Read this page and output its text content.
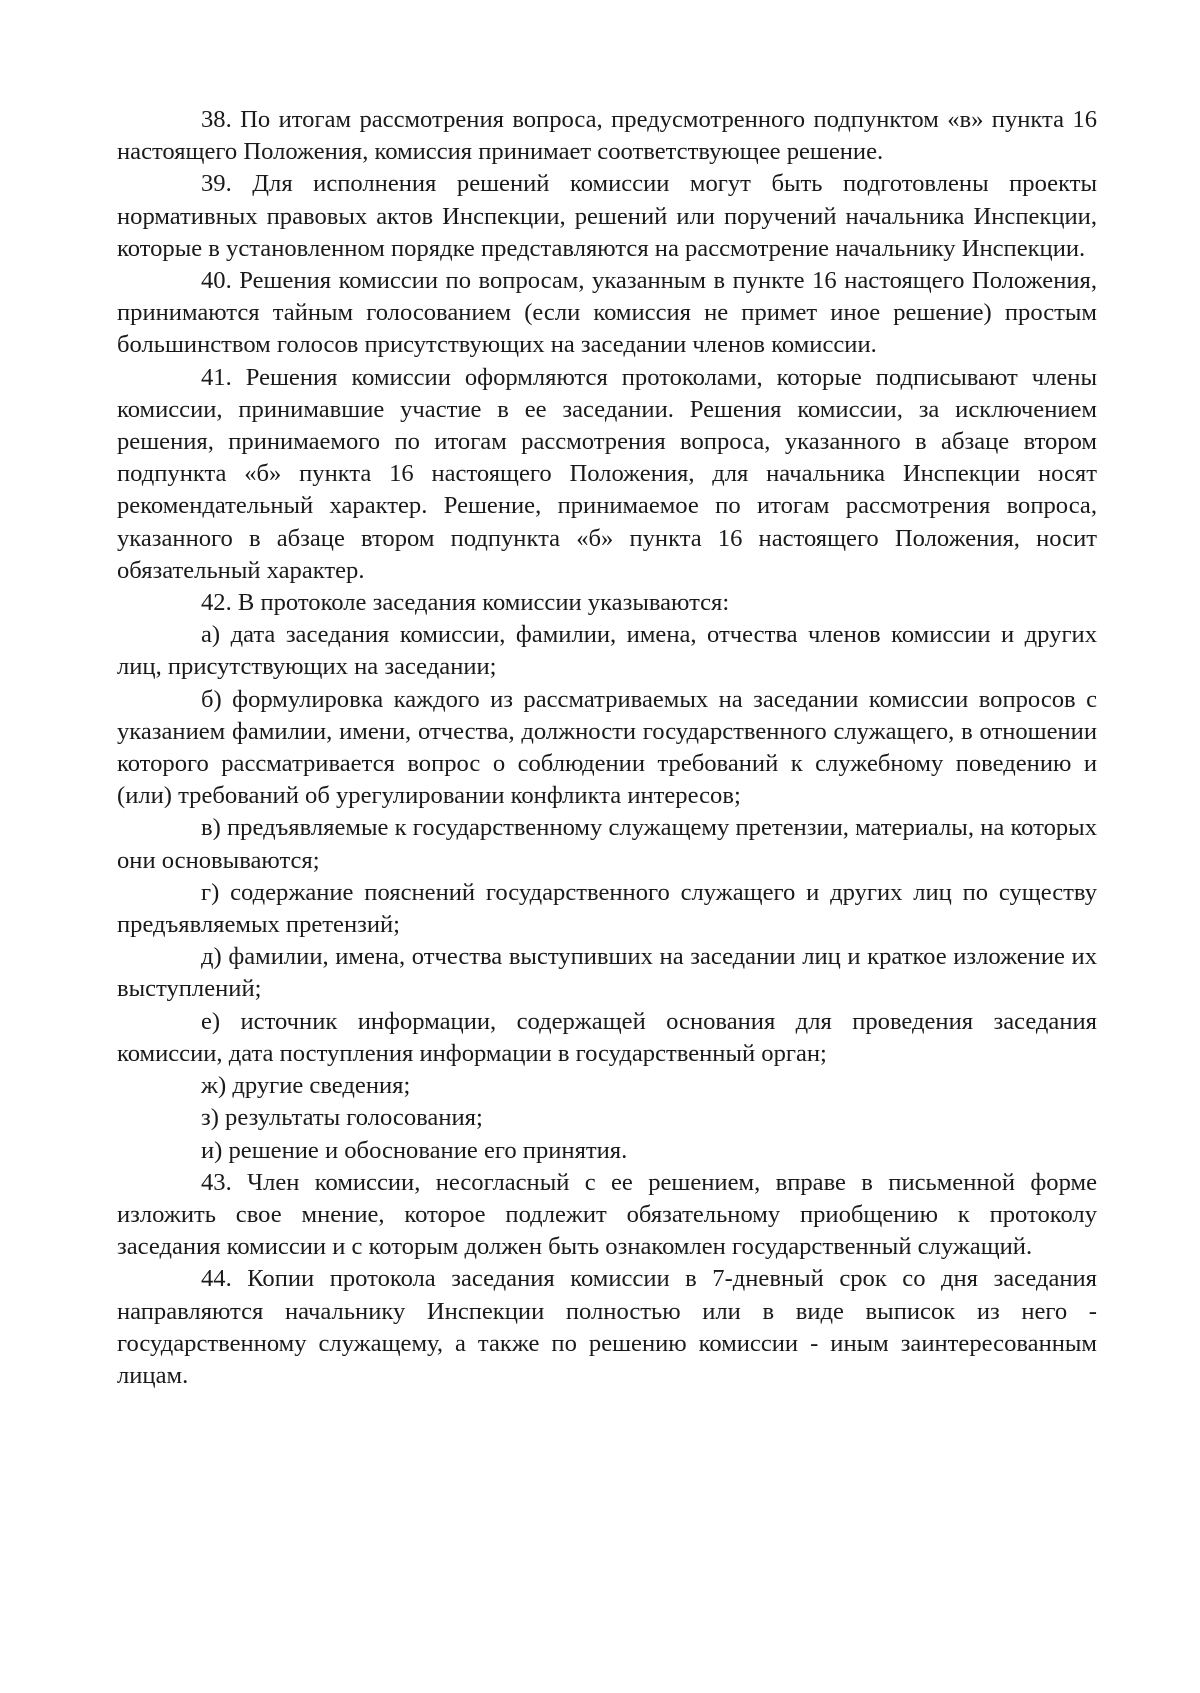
38. По итогам рассмотрения вопроса, предусмотренного подпунктом «в» пункта 16 настоящего Положения, комиссия принимает соответствующее решение.

39. Для исполнения решений комиссии могут быть подготовлены проекты нормативных правовых актов Инспекции, решений или поручений начальника Инспекции, которые в установленном порядке представляются на рассмотрение начальнику Инспекции.

40. Решения комиссии по вопросам, указанным в пункте 16 настоящего Положения, принимаются тайным голосованием (если комиссия не примет иное решение) простым большинством голосов присутствующих на заседании членов комиссии.

41. Решения комиссии оформляются протоколами, которые подписывают члены комиссии, принимавшие участие в ее заседании. Решения комиссии, за исключением решения, принимаемого по итогам рассмотрения вопроса, указанного в абзаце втором подпункта «б» пункта 16 настоящего Положения, для начальника Инспекции носят рекомендательный характер. Решение, принимаемое по итогам рассмотрения вопроса, указанного в абзаце втором подпункта «б» пункта 16 настоящего Положения, носит обязательный характер.

42. В протоколе заседания комиссии указываются:

а) дата заседания комиссии, фамилии, имена, отчества членов комиссии и других лиц, присутствующих на заседании;

б) формулировка каждого из рассматриваемых на заседании комиссии вопросов с указанием фамилии, имени, отчества, должности государственного служащего, в отношении которого рассматривается вопрос о соблюдении требований к служебному поведению и (или) требований об урегулировании конфликта интересов;

в) предъявляемые к государственному служащему претензии, материалы, на которых они основываются;

г) содержание пояснений государственного служащего и других лиц по существу предъявляемых претензий;

д) фамилии, имена, отчества выступивших на заседании лиц и краткое изложение их выступлений;

е) источник информации, содержащей основания для проведения заседания комиссии, дата поступления информации в государственный орган;

ж) другие сведения;

з) результаты голосования;

и) решение и обоснование его принятия.

43. Член комиссии, несогласный с ее решением, вправе в письменной форме изложить свое мнение, которое подлежит обязательному приобщению к протоколу заседания комиссии и с которым должен быть ознакомлен государственный служащий.

44. Копии протокола заседания комиссии в 7-дневный срок со дня заседания направляются начальнику Инспекции полностью или в виде выписок из него - государственному служащему, а также по решению комиссии - иным заинтересованным лицам.
